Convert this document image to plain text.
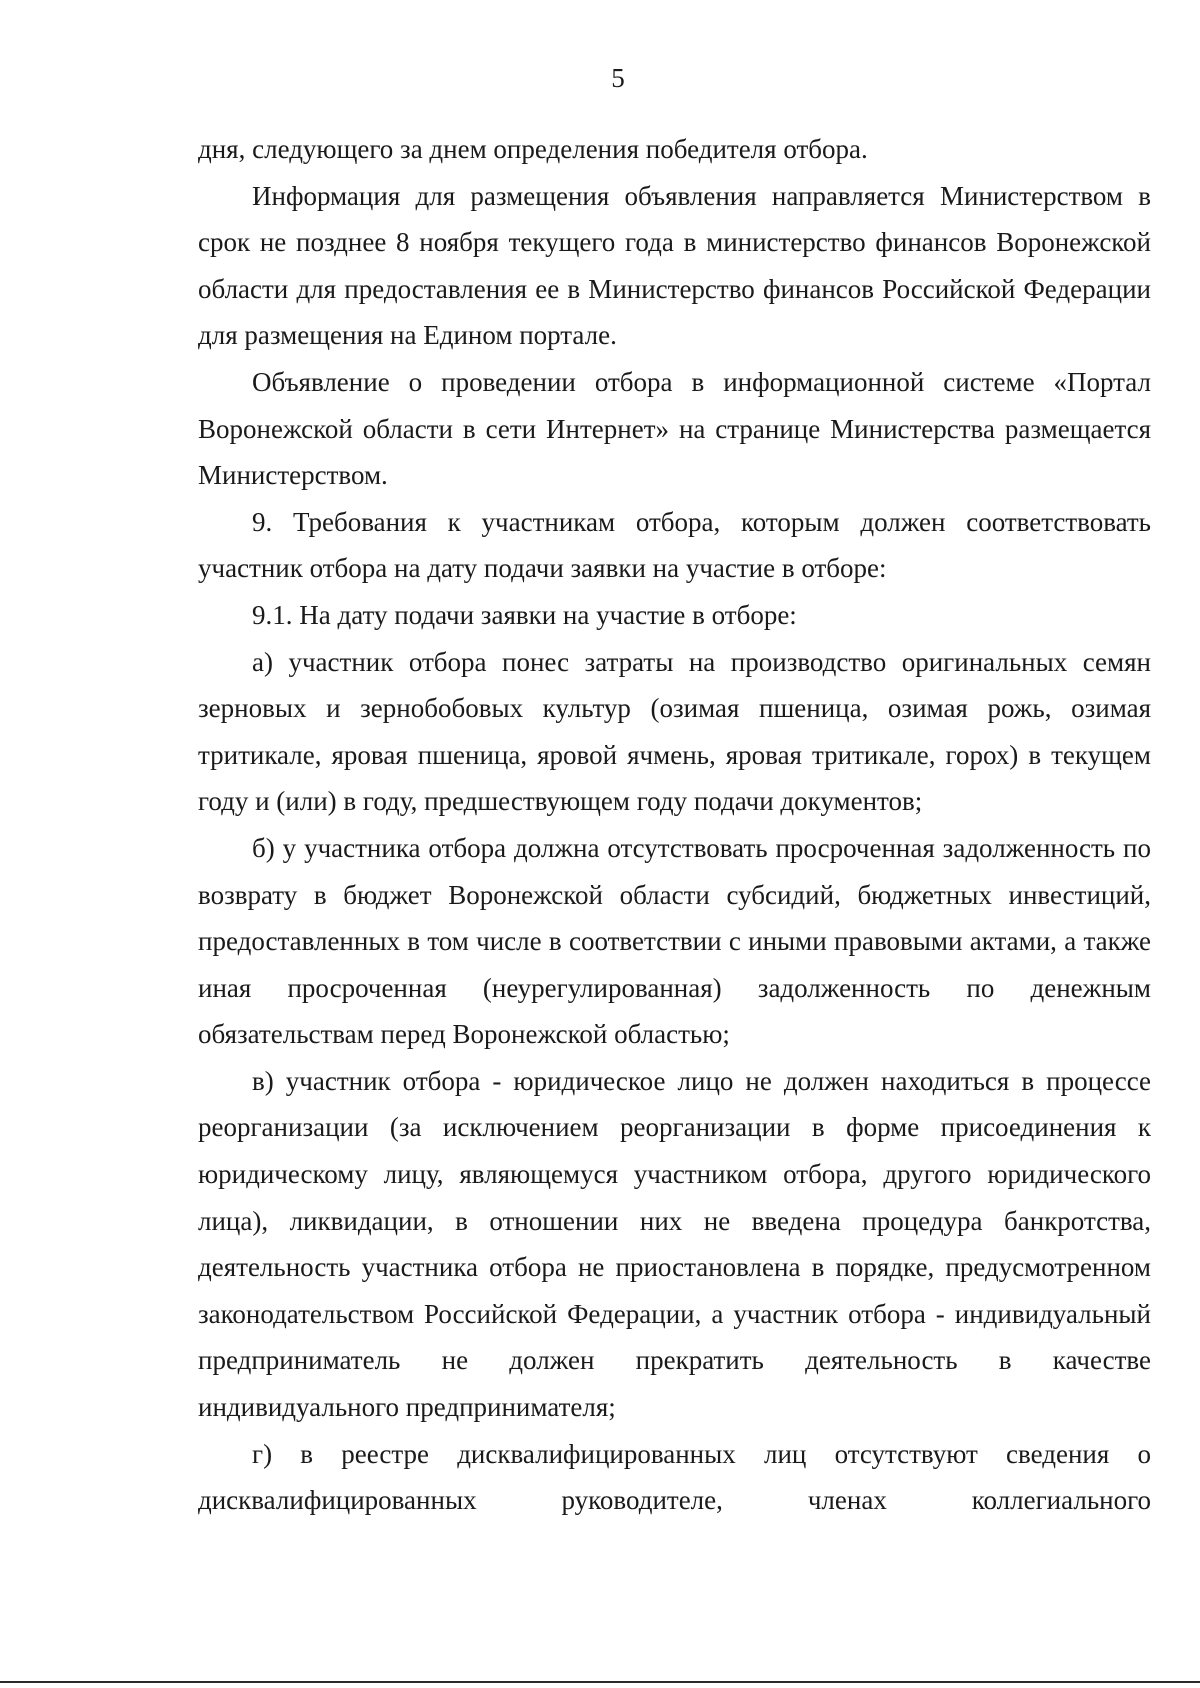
5

дня, следующего за днем определения победителя отбора.

Информация для размещения объявления направляется Министерством в срок не позднее 8 ноября текущего года в министерство финансов Воронежской области для предоставления ее в Министерство финансов Российской Федерации для размещения на Едином портале.

Объявление о проведении отбора в информационной системе «Портал Воронежской области в сети Интернет» на странице Министерства размещается Министерством.

9. Требования к участникам отбора, которым должен соответствовать участник отбора на дату подачи заявки на участие в отборе:

9.1. На дату подачи заявки на участие в отборе:

а) участник отбора понес затраты на производство оригинальных семян зерновых и зернобобовых культур (озимая пшеница, озимая рожь, озимая тритикале, яровая пшеница, яровой ячмень, яровая тритикале, горох) в текущем году и (или) в году, предшествующем году подачи документов;

б) у участника отбора должна отсутствовать просроченная задолженность по возврату в бюджет Воронежской области субсидий, бюджетных инвестиций, предоставленных в том числе в соответствии с иными правовыми актами, а также иная просроченная (неурегулированная) задолженность по денежным обязательствам перед Воронежской областью;

в) участник отбора - юридическое лицо не должен находиться в процессе реорганизации (за исключением реорганизации в форме присоединения к юридическому лицу, являющемуся участником отбора, другого юридического лица), ликвидации, в отношении них не введена процедура банкротства, деятельность участника отбора не приостановлена в порядке, предусмотренном законодательством Российской Федерации, а участник отбора - индивидуальный предприниматель не должен прекратить деятельность в качестве индивидуального предпринимателя;

г) в реестре дисквалифицированных лиц отсутствуют сведения о дисквалифицированных руководителе, членах коллегиального
